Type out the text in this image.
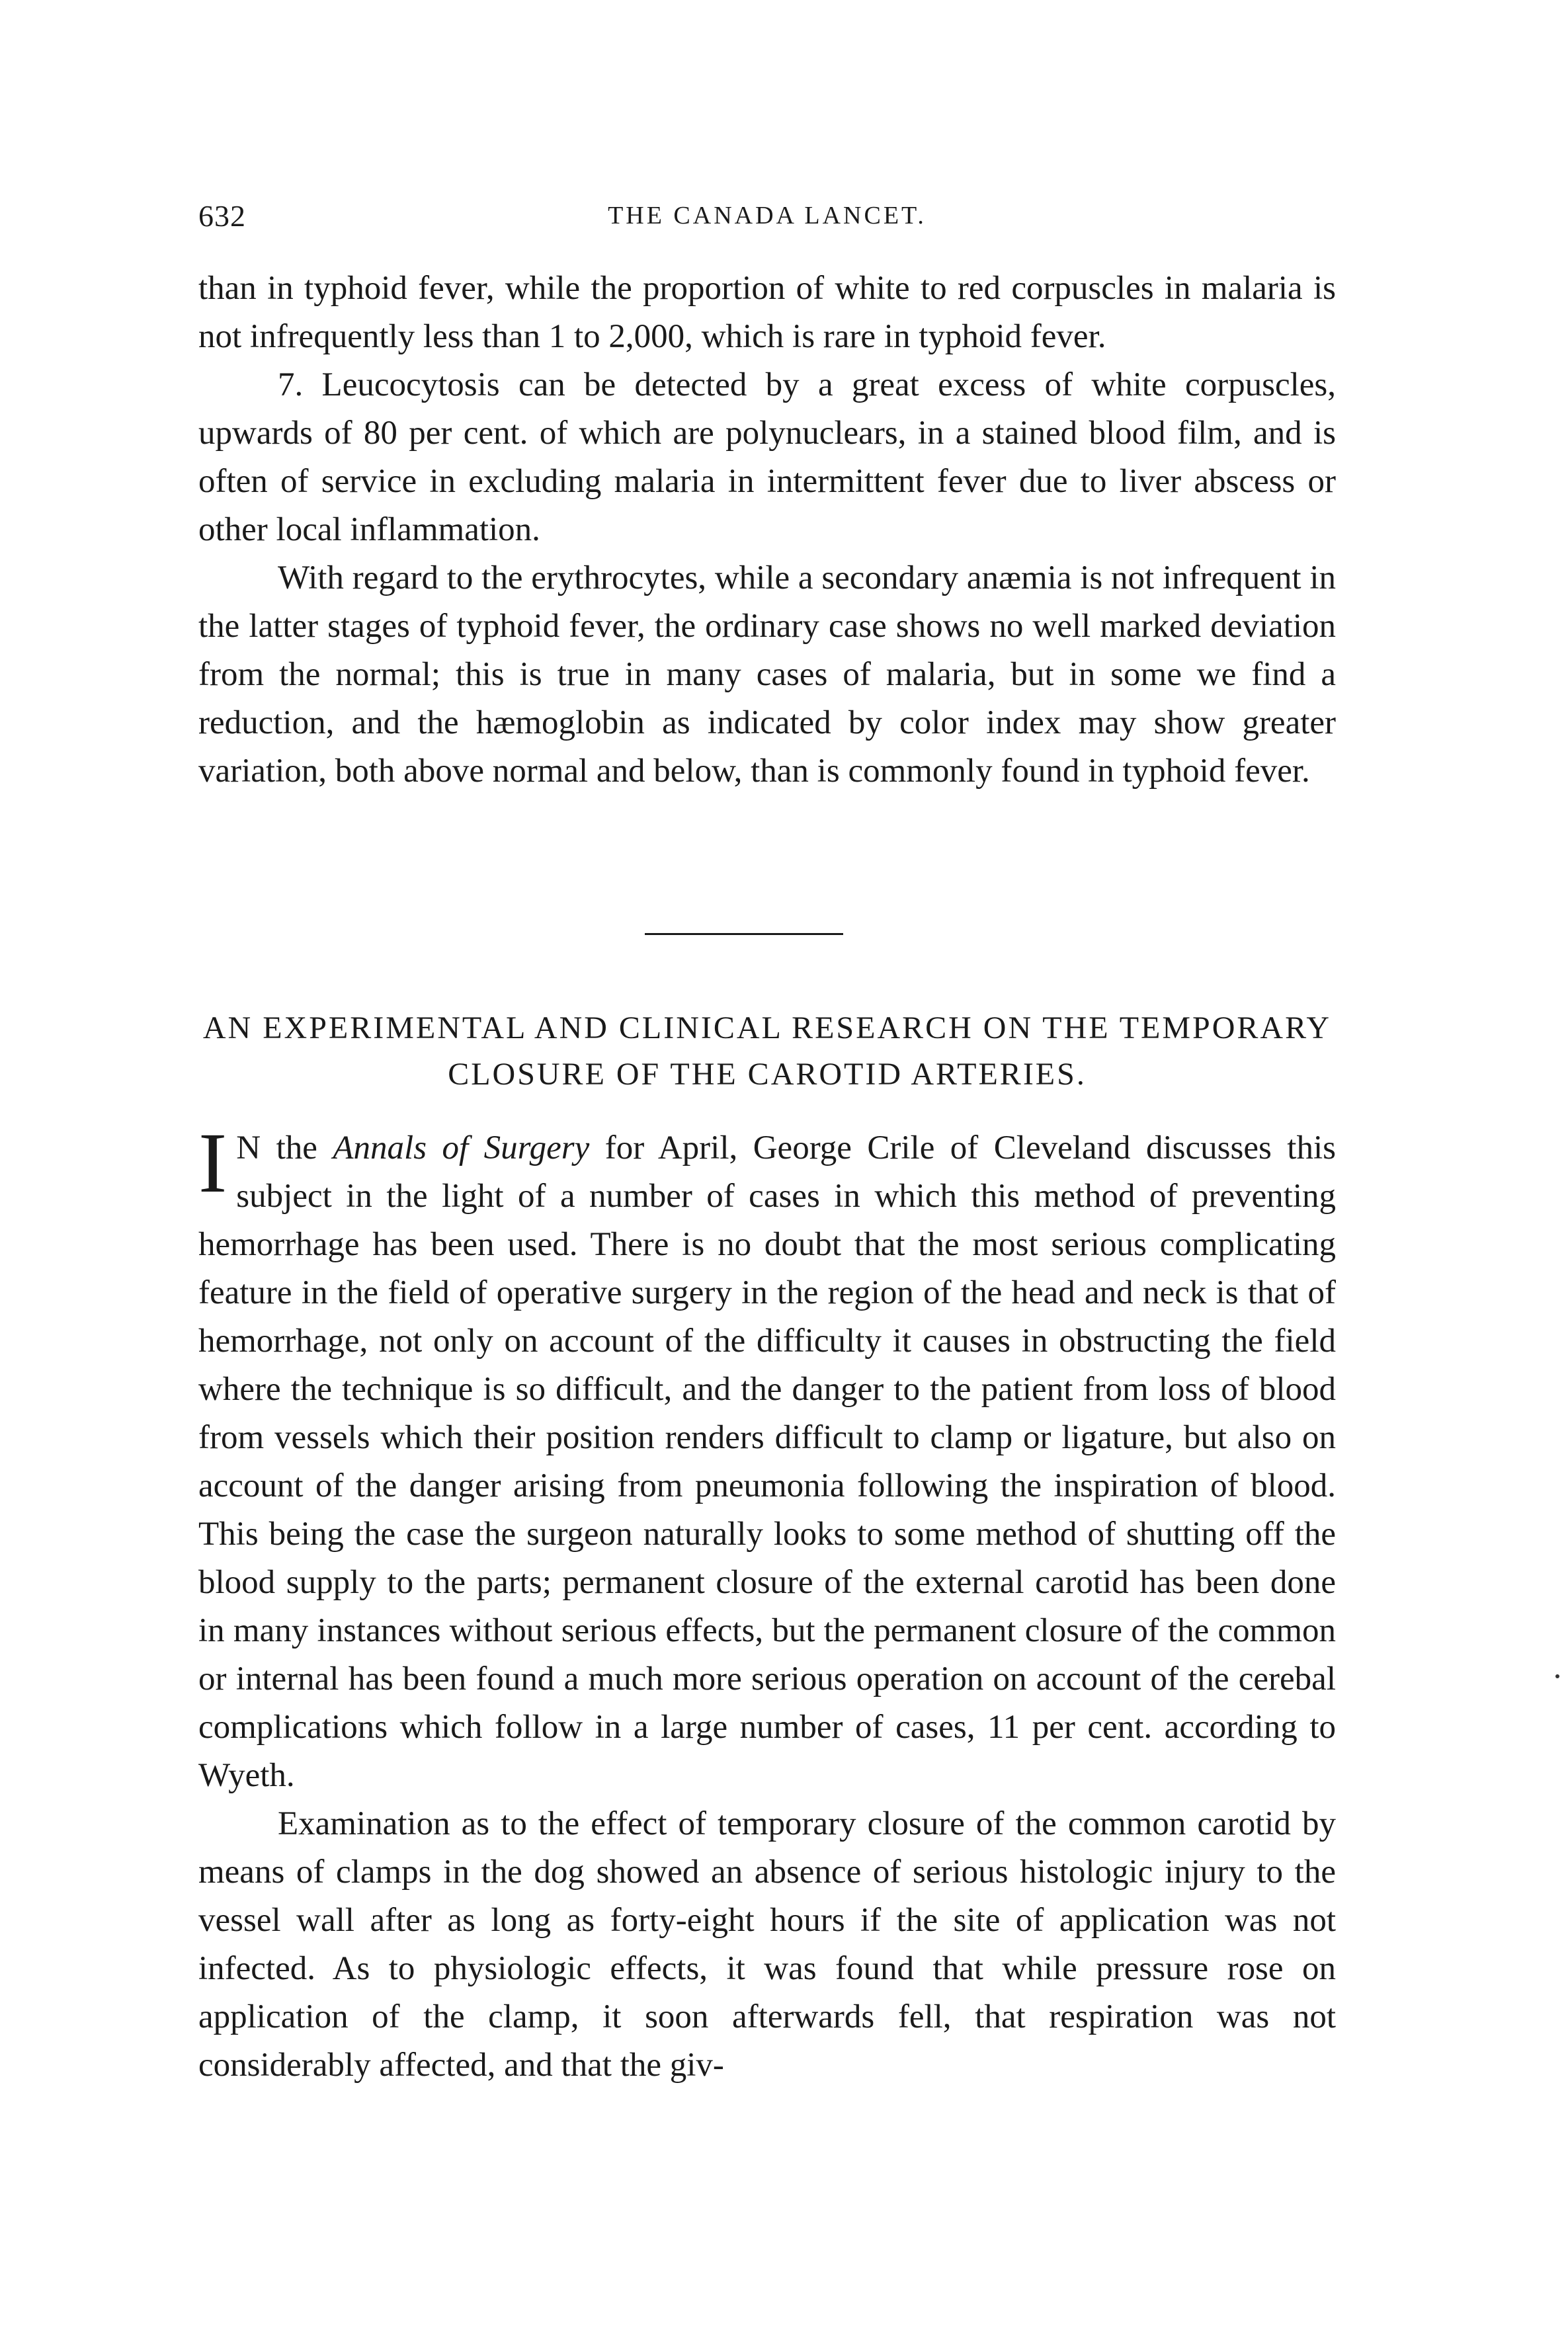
632	THE CANADA LANCET.

than in typhoid fever, while the proportion of white to red corpuscles in malaria is not infrequently less than 1 to 2,000, which is rare in typhoid fever.

7. Leucocytosis can be detected by a great excess of white corpuscles, upwards of 80 per cent. of which are polynuclears, in a stained blood film, and is often of service in excluding malaria in intermittent fever due to liver abscess or other local inflammation.

With regard to the erythrocytes, while a secondary anæmia is not infrequent in the latter stages of typhoid fever, the ordinary case shows no well marked deviation from the normal; this is true in many cases of malaria, but in some we find a reduction, and the hæmoglobin as indicated by color index may show greater variation, both above normal and below, than is commonly found in typhoid fever.

AN EXPERIMENTAL AND CLINICAL RESEARCH ON THE TEMPORARY CLOSURE OF THE CAROTID ARTERIES.

I N the Annals of Surgery for April, George Crile of Cleveland discusses this subject in the light of a number of cases in which this method of preventing hemorrhage has been used. There is no doubt that the most serious complicating feature in the field of operative surgery in the region of the head and neck is that of hemorrhage, not only on account of the difficulty it causes in obstructing the field where the technique is so difficult, and the danger to the patient from loss of blood from vessels which their position renders difficult to clamp or ligature, but also on account of the danger arising from pneumonia following the inspiration of blood. This being the case the surgeon naturally looks to some method of shutting off the blood supply to the parts; permanent closure of the external carotid has been done in many instances without serious effects, but the permanent closure of the common or internal has been found a much more serious operation on account of the cerebal complications which follow in a large number of cases, 11 per cent. according to Wyeth.

Examination as to the effect of temporary closure of the common carotid by means of clamps in the dog showed an absence of serious histologic injury to the vessel wall after as long as forty-eight hours if the site of application was not infected. As to physiologic effects, it was found that while pressure rose on application of the clamp, it soon afterwards fell, that respiration was not considerably affected, and that the giv-
